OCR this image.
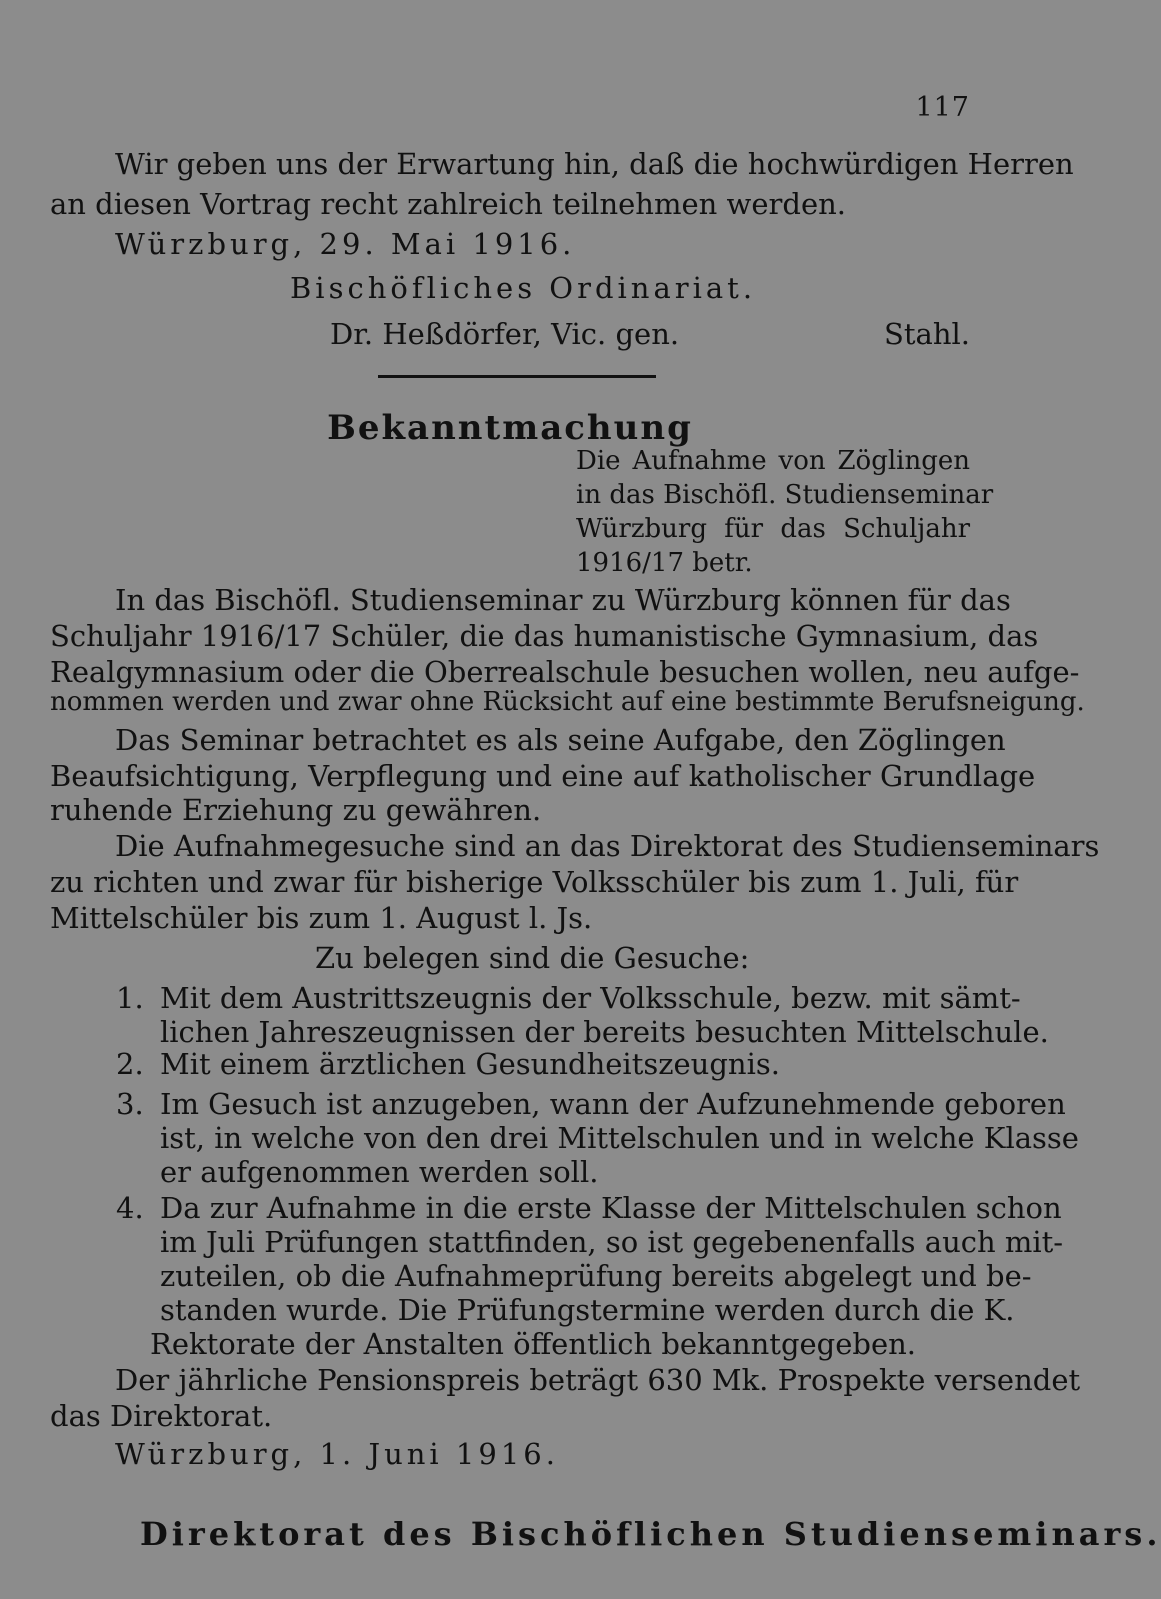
117
Wir geben uns der Erwartung hin, daß die hochwürdigen Herren
an diesen Vortrag recht zahlreich teilnehmen werden.
Würzburg, 29. Mai 1916.
Bischöfliches Ordinariat.
Dr. Heßdörfer, Vic. gen.	Stahl.
Bekanntmachung
Die Aufnahme von Zöglingen
in das Bischöfl. Studienseminar
Würzburg für das Schuljahr
1916/17 betr.
In das Bischöfl. Studienseminar zu Würzburg können für das
Schuljahr 1916/17 Schüler, die das humanistische Gymnasium, das
Realgymnasium oder die Oberrealschule besuchen wollen, neu aufge-
nommen werden und zwar ohne Rücksicht auf eine bestimmte Berufsneigung.
Das Seminar betrachtet es als seine Aufgabe, den Zöglingen
Beaufsichtigung, Verpflegung und eine auf katholischer Grundlage
ruhende Erziehung zu gewähren.
Die Aufnahmegesuche sind an das Direktorat des Studienseminars
zu richten und zwar für bisherige Volksschüler bis zum 1. Juli, für
Mittelschüler bis zum 1. August l. Js.
Zu belegen sind die Gesuche:
1. Mit dem Austrittszeugnis der Volksschule, bezw. mit sämt-
lichen Jahreszeugnissen der bereits besuchten Mittelschule.
2. Mit einem ärztlichen Gesundheitszeugnis.
3. Im Gesuch ist anzugeben, wann der Aufzunehmende geboren
ist, in welche von den drei Mittelschulen und in welche Klasse
er aufgenommen werden soll.
4. Da zur Aufnahme in die erste Klasse der Mittelschulen schon
im Juli Prüfungen stattfinden, so ist gegebenenfalls auch mit-
zuteilen, ob die Aufnahmeprüfung bereits abgelegt und be-
standen wurde. Die Prüfungstermine werden durch die K.
Rektorate der Anstalten öffentlich bekanntgegeben.
Der jährliche Pensionspreis beträgt 630 Mk. Prospekte versendet
das Direktorat.
Würzburg, 1. Juni 1916.
Direktorat des Bischöflichen Studienseminars.
